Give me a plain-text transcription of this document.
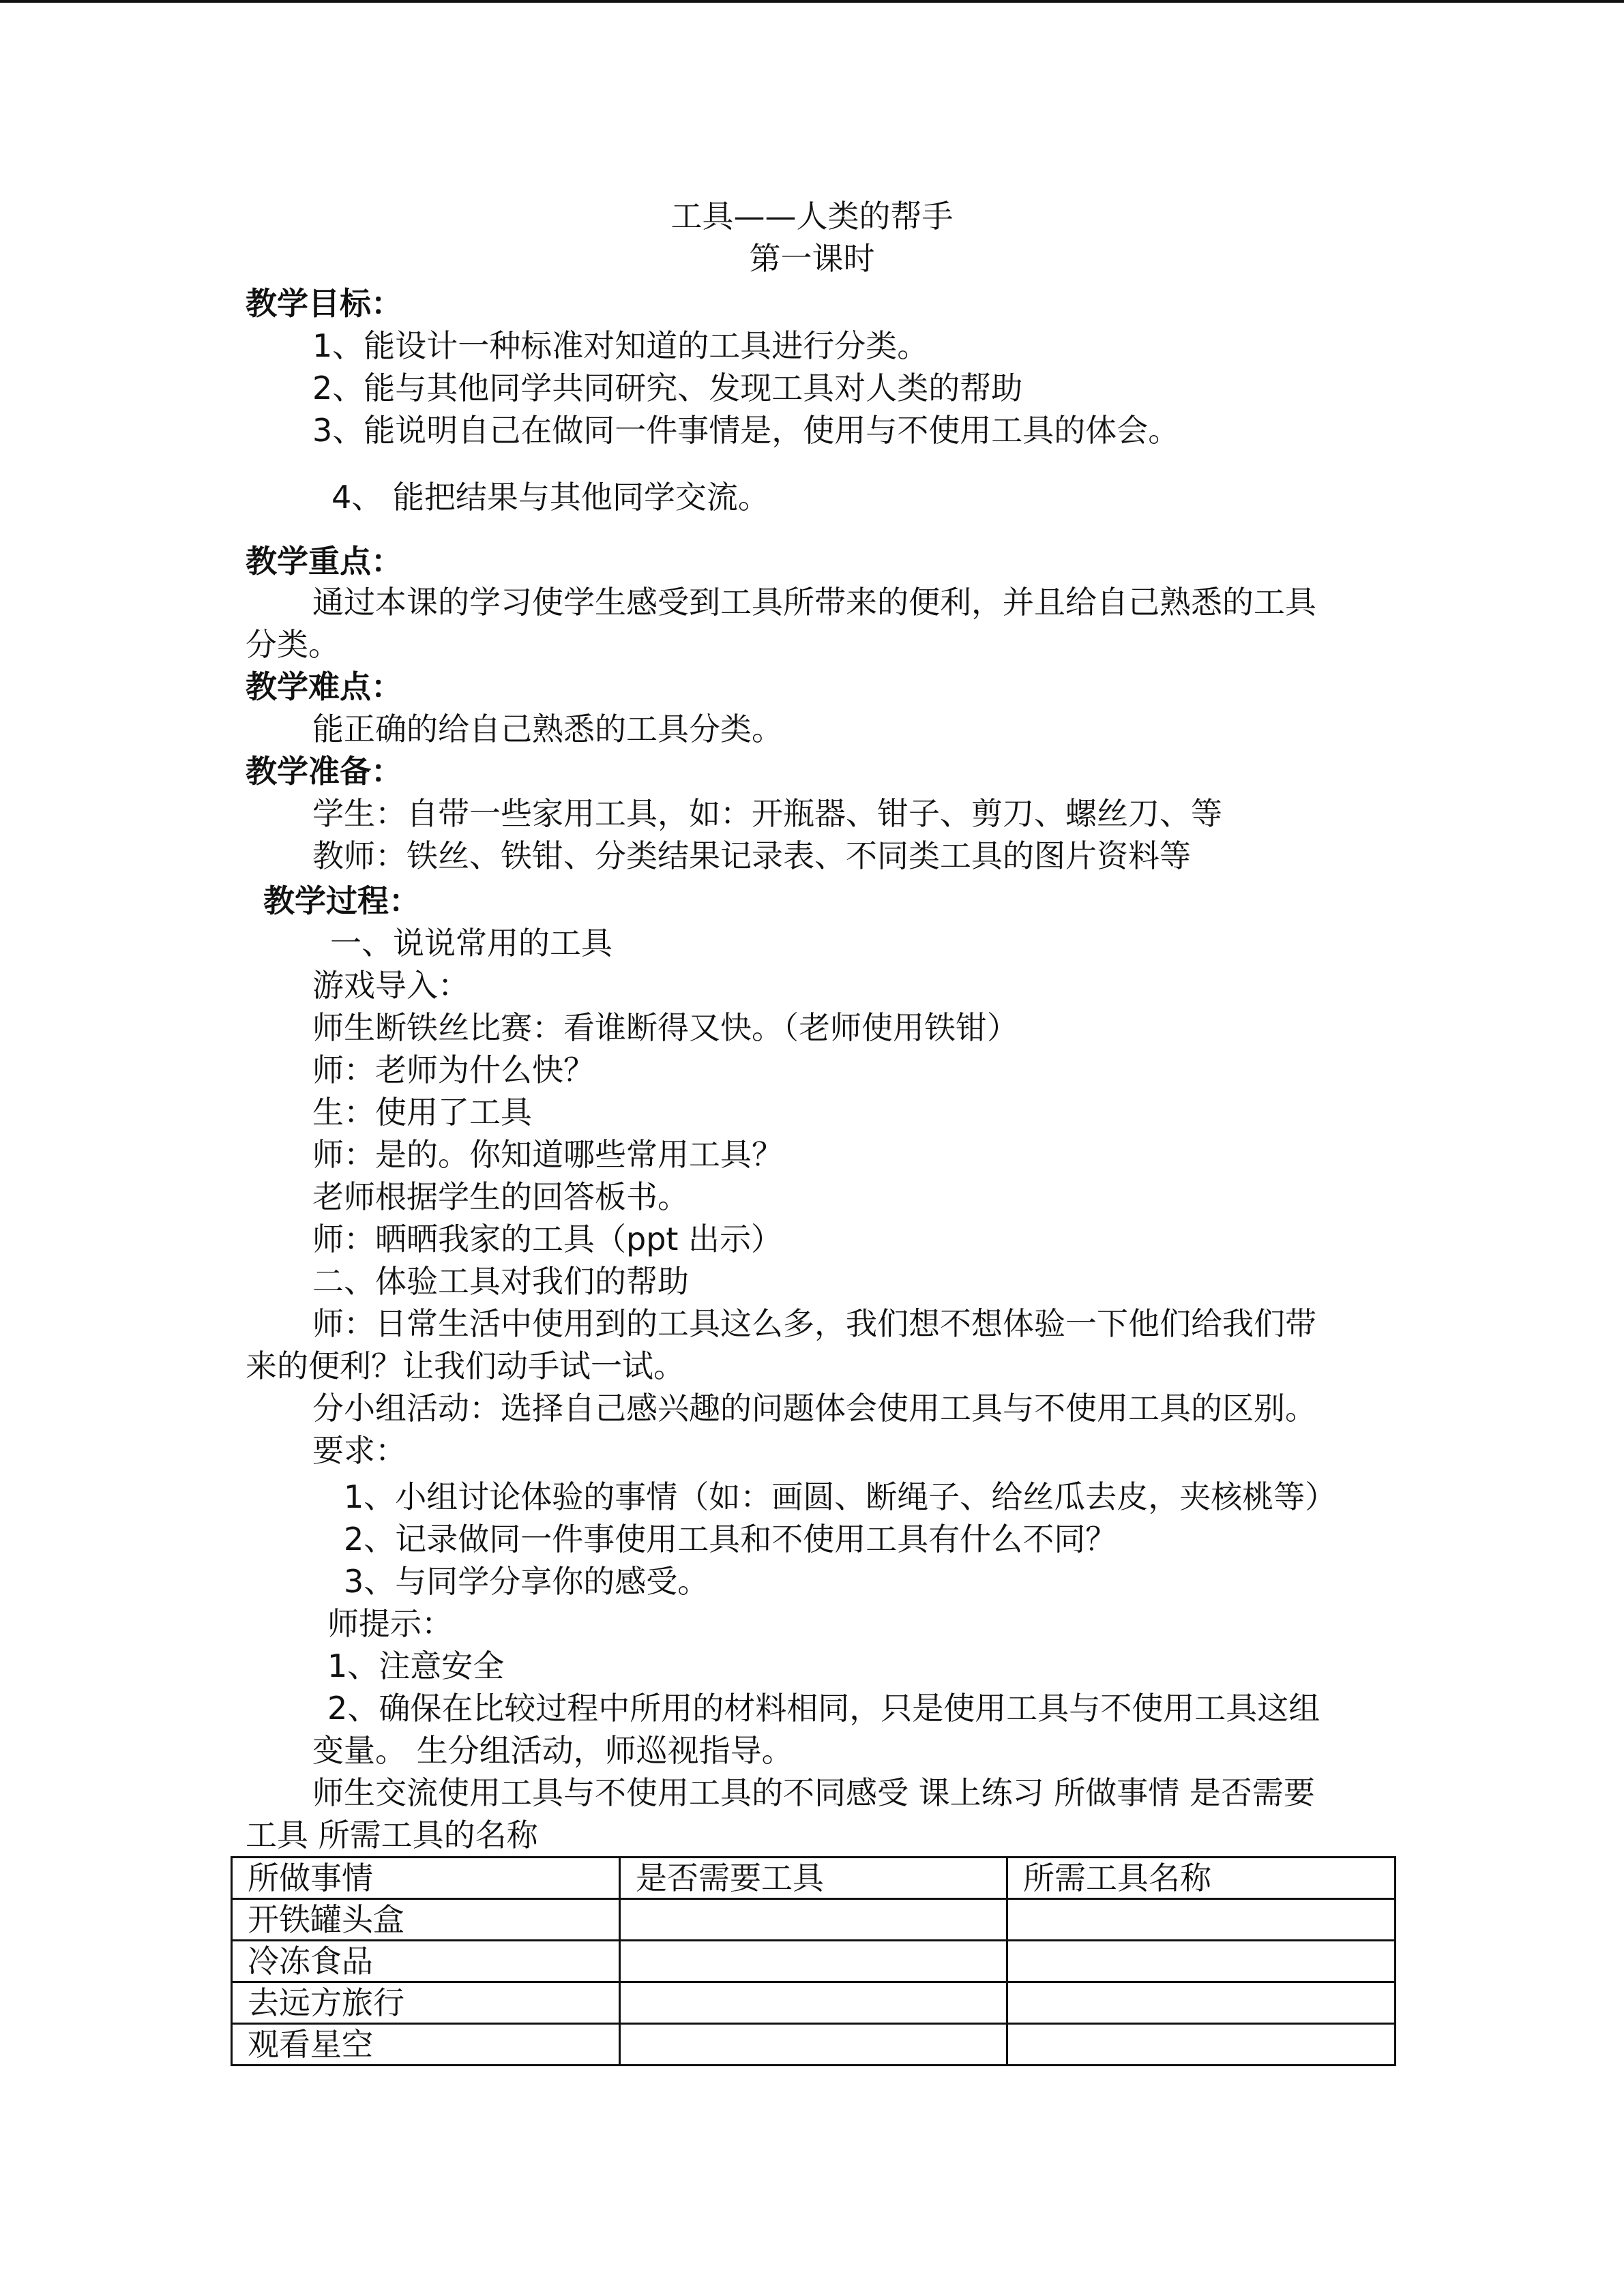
工具——人类的帮手
第一课时
教学目标：
1、能设计一种标准对知道的工具进行分类。
2、能与其他同学共同研究、发现工具对人类的帮助
3、能说明自己在做同一件事情是，使用与不使用工具的体会。
4、 能把结果与其他同学交流。
教学重点：
通过本课的学习使学生感受到工具所带来的便利，并且给自己熟悉的工具
分类。
教学难点：
能正确的给自己熟悉的工具分类。
教学准备：
学生：自带一些家用工具，如：开瓶器、钳子、剪刀、螺丝刀、等
教师：铁丝、铁钳、分类结果记录表、不同类工具的图片资料等
教学过程：
一、说说常用的工具
游戏导入：
师生断铁丝比赛：看谁断得又快。（老师使用铁钳）
师：老师为什么快？
生：使用了工具
师：是的。你知道哪些常用工具？
老师根据学生的回答板书。
师：晒晒我家的工具（ppt 出示）
二、体验工具对我们的帮助
师：日常生活中使用到的工具这么多，我们想不想体验一下他们给我们带
来的便利？让我们动手试一试。
分小组活动：选择自己感兴趣的问题体会使用工具与不使用工具的区别。
要求：
1、小组讨论体验的事情（如：画圆、断绳子、给丝瓜去皮，夹核桃等）
2、记录做同一件事使用工具和不使用工具有什么不同？
3、与同学分享你的感受。
师提示：
1、注意安全
2、确保在比较过程中所用的材料相同，只是使用工具与不使用工具这组
变量。 生分组活动，师巡视指导。
师生交流使用工具与不使用工具的不同感受 课上练习 所做事情 是否需要
工具 所需工具的名称
所做事情	是否需要工具	所需工具名称
开铁罐头盒		
冷冻食品		
去远方旅行		
观看星空		
